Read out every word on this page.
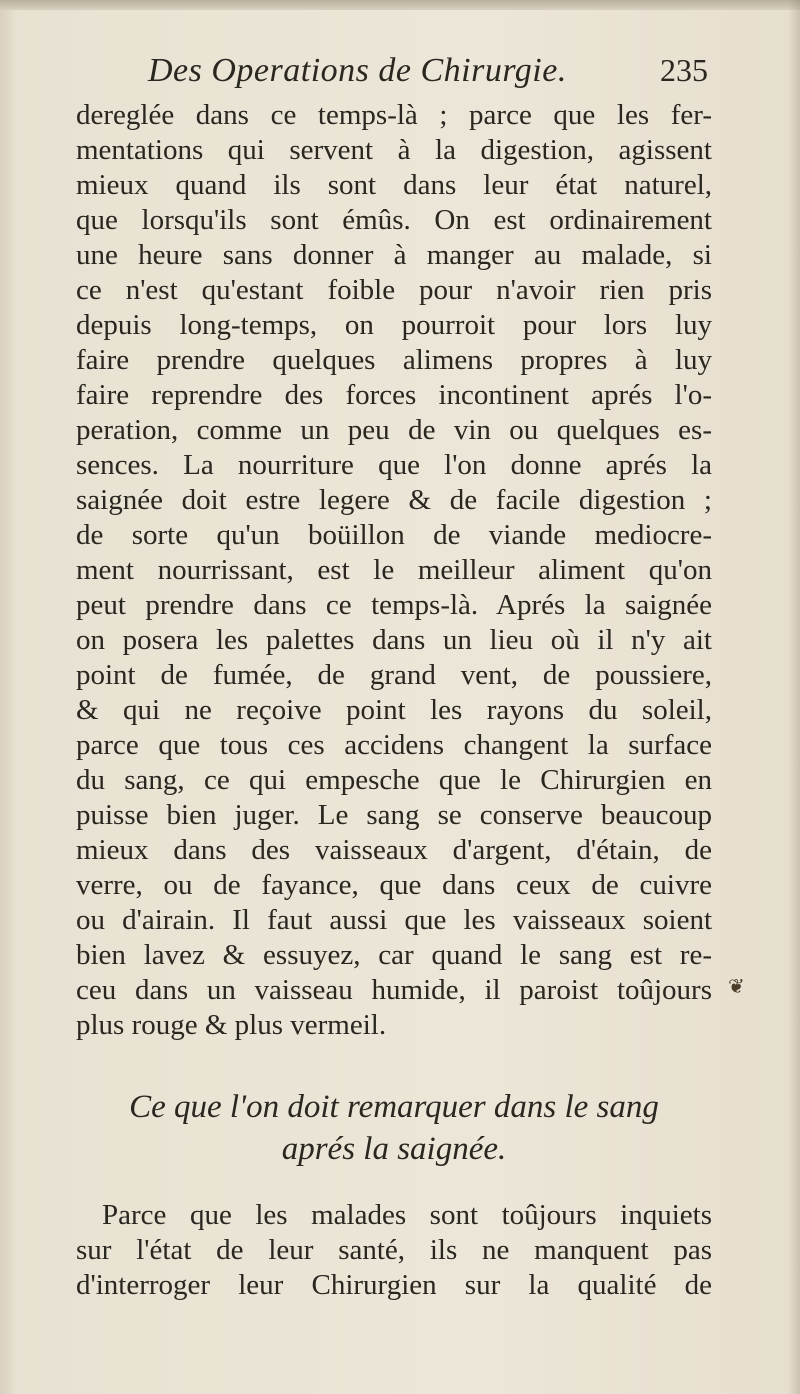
Des Operations de Chirurgie.	235
dereglée dans ce temps-là ; parce que les fer-
mentations qui servent à la digestion, agissent
mieux quand ils sont dans leur état naturel,
que lorsqu'ils sont émûs. On est ordinairement
une heure sans donner à manger au malade, si
ce n'est qu'estant foible pour n'avoir rien pris
depuis long-temps, on pourroit pour lors luy
faire prendre quelques alimens propres à luy
faire reprendre des forces incontinent aprés l'o-
peration, comme un peu de vin ou quelques es-
sences. La nourriture que l'on donne aprés la
saignée doit estre legere & de facile digestion ;
de sorte qu'un boüillon de viande mediocre-
ment nourrissant, est le meilleur aliment qu'on
peut prendre dans ce temps-là. Aprés la saignée
on posera les palettes dans un lieu où il n'y ait
point de fumée, de grand vent, de poussiere,
& qui ne reçoive point les rayons du soleil,
parce que tous ces accidens changent la surface
du sang, ce qui empesche que le Chirurgien en
puisse bien juger. Le sang se conserve beaucoup
mieux dans des vaisseaux d'argent, d'étain, de
verre, ou de fayance, que dans ceux de cuivre
ou d'airain. Il faut aussi que les vaisseaux soient
bien lavez & essuyez, car quand le sang est re-
ceu dans un vaisseau humide, il paroist toûjours
plus rouge & plus vermeil.
❦
Ce que l'on doit remarquer dans le sang
aprés la saignée.
Parce que les malades sont toûjours inquiets
sur l'état de leur santé, ils ne manquent pas
d'interroger leur Chirurgien sur la qualité de
